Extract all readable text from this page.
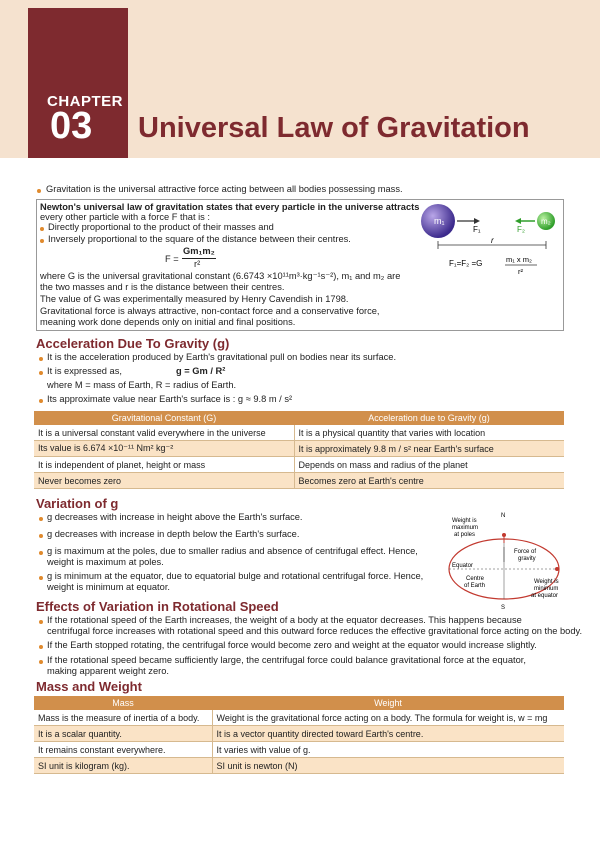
CHAPTER
03 Universal Law of Gravitation
Gravitation is the universal attractive force acting between all bodies possessing mass.
Newton's universal law of gravitation states that every particle in the universe attracts
every other particle with a force F that is :
Directly proportional to the product of their masses and
Inversely proportional to the square of the distance between their centres.
F =
Gm₁m₂
r²
where G is the universal gravitational constant (6.6743 ×10¹¹m³·kg⁻¹s⁻²), m₁ and m₂ are
the two masses and r is the distance between their centres.
The value of G was experimentally measured by Henry Cavendish in 1798.
Gravitational force is always attractive, non-contact force and a conservative force,
meaning work done depends only on initial and final positions.
m₁	m₂
F₁	F₂
r
F₁=F₂ =G	m₁ x m₂
r²
Acceleration Due To Gravity (g)
It is the acceleration produced by Earth's gravitational pull on bodies near its surface.
It is expressed as,	g = Gm / R²
where M = mass of Earth, R = radius of Earth.
Its approximate value near Earth's surface is : g ≈ 9.8 m / s²
Gravitational Constant (G)	Acceleration due to Gravity (g)
It is a universal constant valid everywhere in the universe	It is a physical quantity that varies with location
Its value is 6.674 ×10⁻¹¹ Nm² kg⁻²	It is approximately 9.8 m / s² near Earth's surface
It is independent of planet, height or mass	Depends on mass and radius of the planet
Never becomes zero	Becomes zero at Earth's centre
Variation of g
g decreases with increase in height above the Earth's surface.
g decreases with increase in depth below the Earth's surface.
g is maximum at the poles, due to smaller radius and absence of centrifugal effect. Hence,
weight is maximum at poles.
g is minimum at the equator, due to equatorial bulge and rotational centrifugal force. Hence,
weight is minimum at equator.
N
Weight is
maximum
at poles
Equator
Force of
gravity
Centre
of Earth
Weight is
minimum
at equator
S
Effects of Variation in Rotational Speed
If the rotational speed of the Earth increases, the weight of a body at the equator decreases. This happens because
centrifugal force increases with rotational speed and this outward force reduces the effective gravitational force acting on the body.
If the Earth stopped rotating, the centrifugal force would become zero and weight at the equator would increase slightly.
If the rotational speed became sufficiently large, the centrifugal force could balance gravitational force at the equator,
making apparent weight zero.
Mass and Weight
Mass	Weight
Mass is the measure of inertia of a body.	Weight is the gravitational force acting on a body. The formula for weight is, w = mg
It is a scalar quantity.	It is a vector quantity directed toward Earth's centre.
It remains constant everywhere.	It varies with value of g.
SI unit is kilogram (kg).	SI unit is newton (N)
